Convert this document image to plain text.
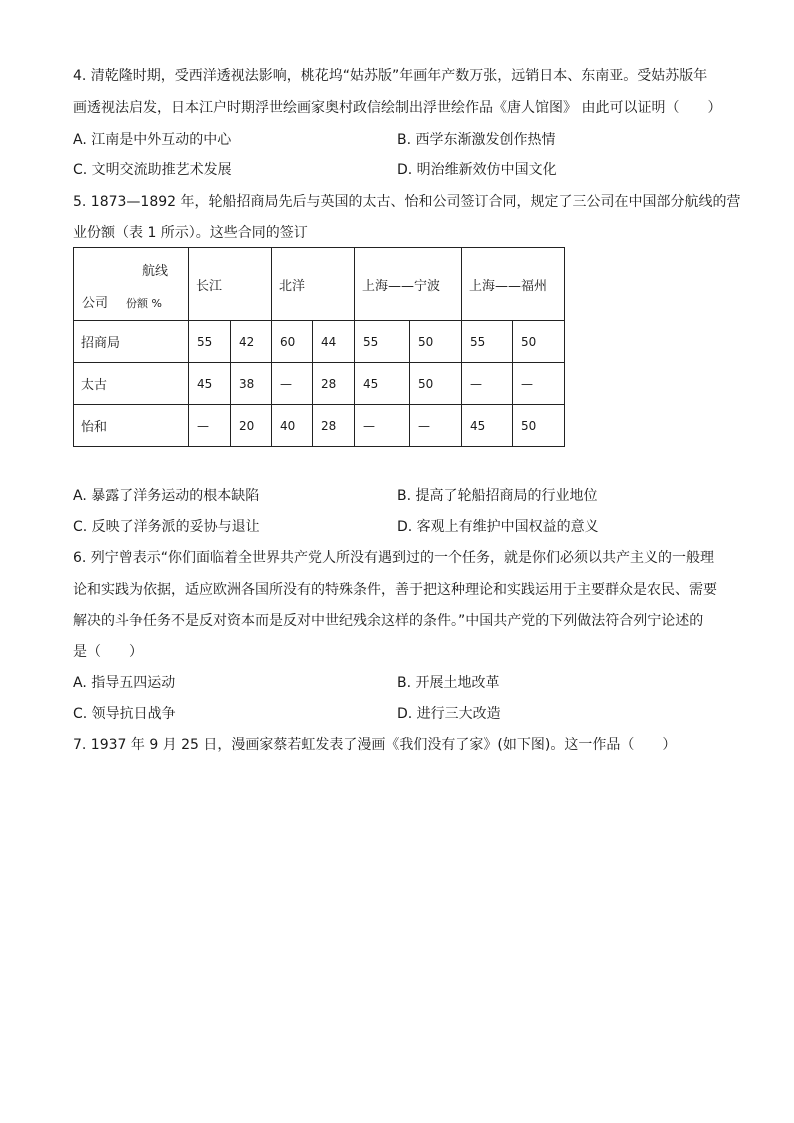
4. 清乾隆时期，受西洋透视法影响，桃花坞“姑苏版”年画年产数万张，远销日本、东南亚。受姑苏版年
画透视法启发，日本江户时期浮世绘画家奥村政信绘制出浮世绘作品《唐人馆图》 由此可以证明（　　）
A. 江南是中外互动的中心	B. 西学东渐激发创作热情
C. 文明交流助推艺术发展	D. 明治维新效仿中国文化
5. 1873—1892 年，轮船招商局先后与英国的太古、怡和公司签订合同，规定了三公司在中国部分航线的营
业份额（表 1 所示）。这些合同的签订
航线
公司 份额 %	长江		北洋		上海——宁波		上海——福州	
招商局	55	42	60	44	55	50	55	50
太古	45	38	—	28	45	50	—	—
怡和	—	20	40	28	—	—	45	50
A. 暴露了洋务运动的根本缺陷	B. 提高了轮船招商局的行业地位
C. 反映了洋务派的妥协与退让	D. 客观上有维护中国权益的意义
6. 列宁曾表示“你们面临着全世界共产党人所没有遇到过的一个任务，就是你们必须以共产主义的一般理
论和实践为依据，适应欧洲各国所没有的特殊条件，善于把这种理论和实践运用于主要群众是农民、需要
解决的斗争任务不是反对资本而是反对中世纪残余这样的条件。”中国共产党的下列做法符合列宁论述的
是（　　）
A. 指导五四运动	B. 开展土地改革
C. 领导抗日战争	D. 进行三大改造
7. 1937 年 9 月 25 日，漫画家蔡若虹发表了漫画《我们没有了家》(如下图)。这一作品（　　）
